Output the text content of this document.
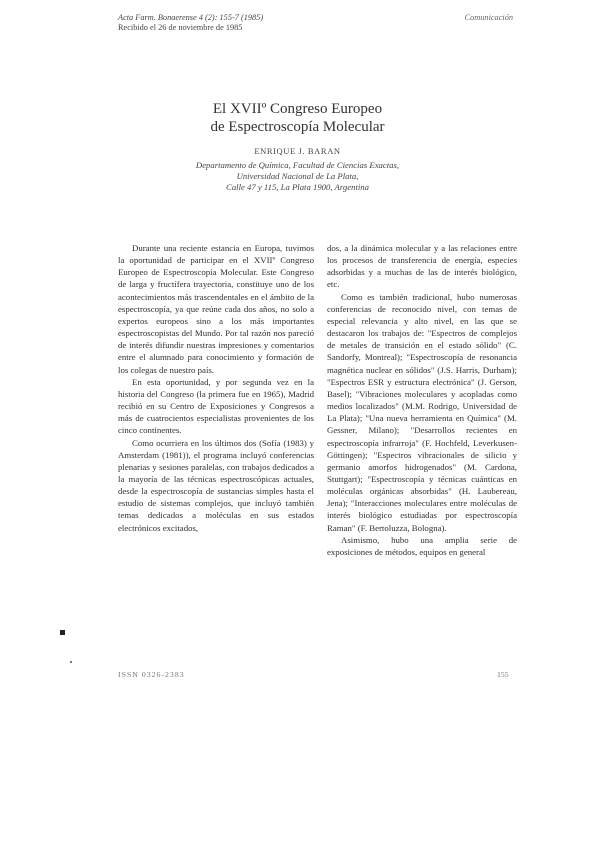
Acta Farm. Bonaerense 4 (2): 155-7 (1985)
Recibido el 26 de noviembre de 1985
Comunicación
El XVIIº Congreso Europeo
de Espectroscopía Molecular
ENRIQUE J. BARAN
Departamento de Química, Facultad de Ciencias Exactas,
Universidad Nacional de La Plata,
Calle 47 y 115, La Plata 1900, Argentina

Durante una reciente estancia en Europa, tuvimos la oportunidad de participar en el XVIIº Congreso Europeo de Espectroscopía Molecular. Este Congreso de larga y fructífera trayectoria, constituye uno de los acontecimientos más trascendentales en el ámbito de la espectroscopía, ya que reúne cada dos años, no solo a expertos europeos sino a los más importantes espectroscopistas del Mundo. Por tal razón nos pareció de interés difundir nuestras impresiones y comentarios entre el alumnado para conocimiento y formación de los colegas de nuestro país.

En esta oportunidad, y por segunda vez en la historia del Congreso (la primera fue en 1965), Madrid recibió en su Centro de Exposiciones y Congresos a más de cuatrocientos especialistas provenientes de los cinco continentes.

Como ocurriera en los últimos dos (Sofía (1983) y Amsterdam (1981)), el programa incluyó conferencias plenarias y sesiones paralelas, con trabajos dedicados a la mayoría de las técnicas espectroscópicas actuales, desde la espectroscopía de sustancias simples hasta el estudio de sistemas complejos, que incluyó también temas dedicados a moléculas en sus estados electrónicos excitados,

dos, a la dinámica molecular y a las relaciones entre los procesos de transferencia de energía, especies adsorbidas y a muchas de las de interés biológico, etc.

Como es también tradicional, hubo numerosas conferencias de reconocido nivel, con temas de especial relevancia y alto nivel, en las que se destacaron los trabajos de: "Espectros de complejos de metales de transición en el estado sólido" (C. Sandorfy, Montreal); "Espectroscopía de resonancia magnética nuclear en sólidos" (J.S. Harris, Durham); "Espectros ESR y estructura electrónica" (J. Gerson, Basel); "Vibraciones moleculares y acopladas como medios localizados" (M.M. Rodrigo, Universidad de La Plata); "Una nueva herramienta en Química" (M. Gessner, Milano); "Desarrollos recientes en espectroscopía infrarroja" (F. Hochfeld, Leverkusen-Göttingen); "Espectros vibracionales de silicio y germanio amorfos hidrogenados" (M. Cardona, Stuttgart); "Espectroscopía y técnicas cuánticas en moléculas orgánicas absorbidas" (H. Laubereau, Jena); "Interacciones moleculares entre moléculas de interés biológico estudiadas por espectroscopía Raman" (F. Bertoluzza, Bologna).

Asimismo, hubo una amplia serie de exposiciones de métodos, equipos en general

ISSN 0326-2383	155
